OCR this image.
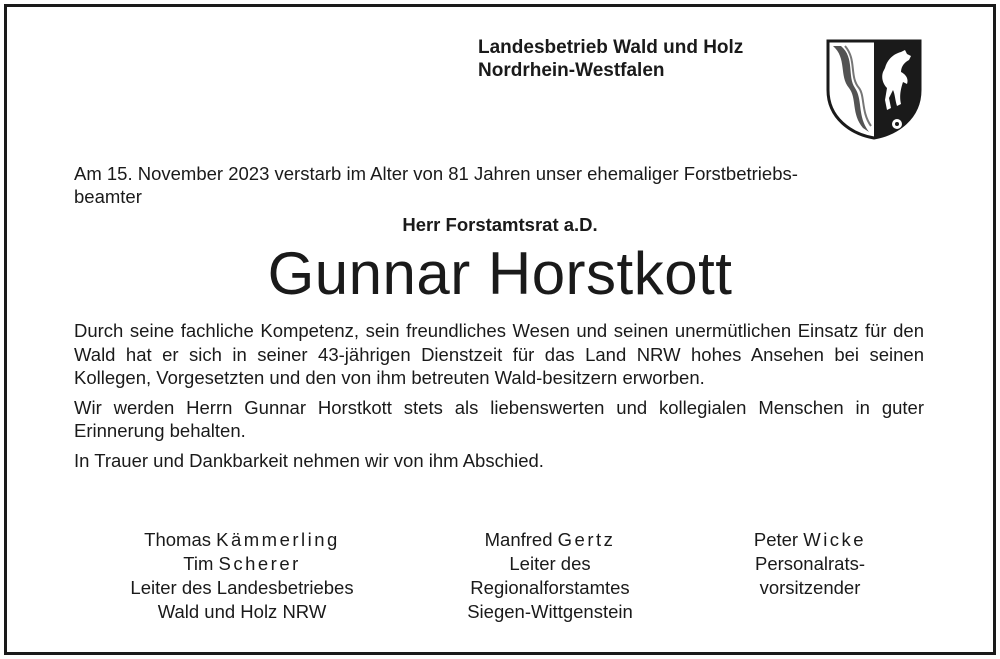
Landesbetrieb Wald und Holz
Nordrhein-Westfalen
Am 15. November 2023 verstarb im Alter von 81 Jahren unser ehemaliger Forstbetriebs-
beamter
Herr Forstamtsrat a.D.
Gunnar Horstkott

Durch seine fachliche Kompetenz, sein freundliches Wesen und seinen unermütlichen Einsatz für den Wald hat er sich in seiner 43-jährigen Dienstzeit für das Land NRW hohes Ansehen bei seinen Kollegen, Vorgesetzten und den von ihm betreuten Wald-besitzern erworben.

Wir werden Herrn Gunnar Horstkott stets als liebenswerten und kollegialen Menschen in guter Erinnerung behalten.

In Trauer und Dankbarkeit nehmen wir von ihm Abschied.

Thomas Kämmerling
Tim Scherer
Leiter des Landesbetriebes
Wald und Holz NRW
Manfred Gertz
Leiter des
Regionalforstamtes
Siegen-Wittgenstein
Peter Wicke
Personalrats-
vorsitzender
